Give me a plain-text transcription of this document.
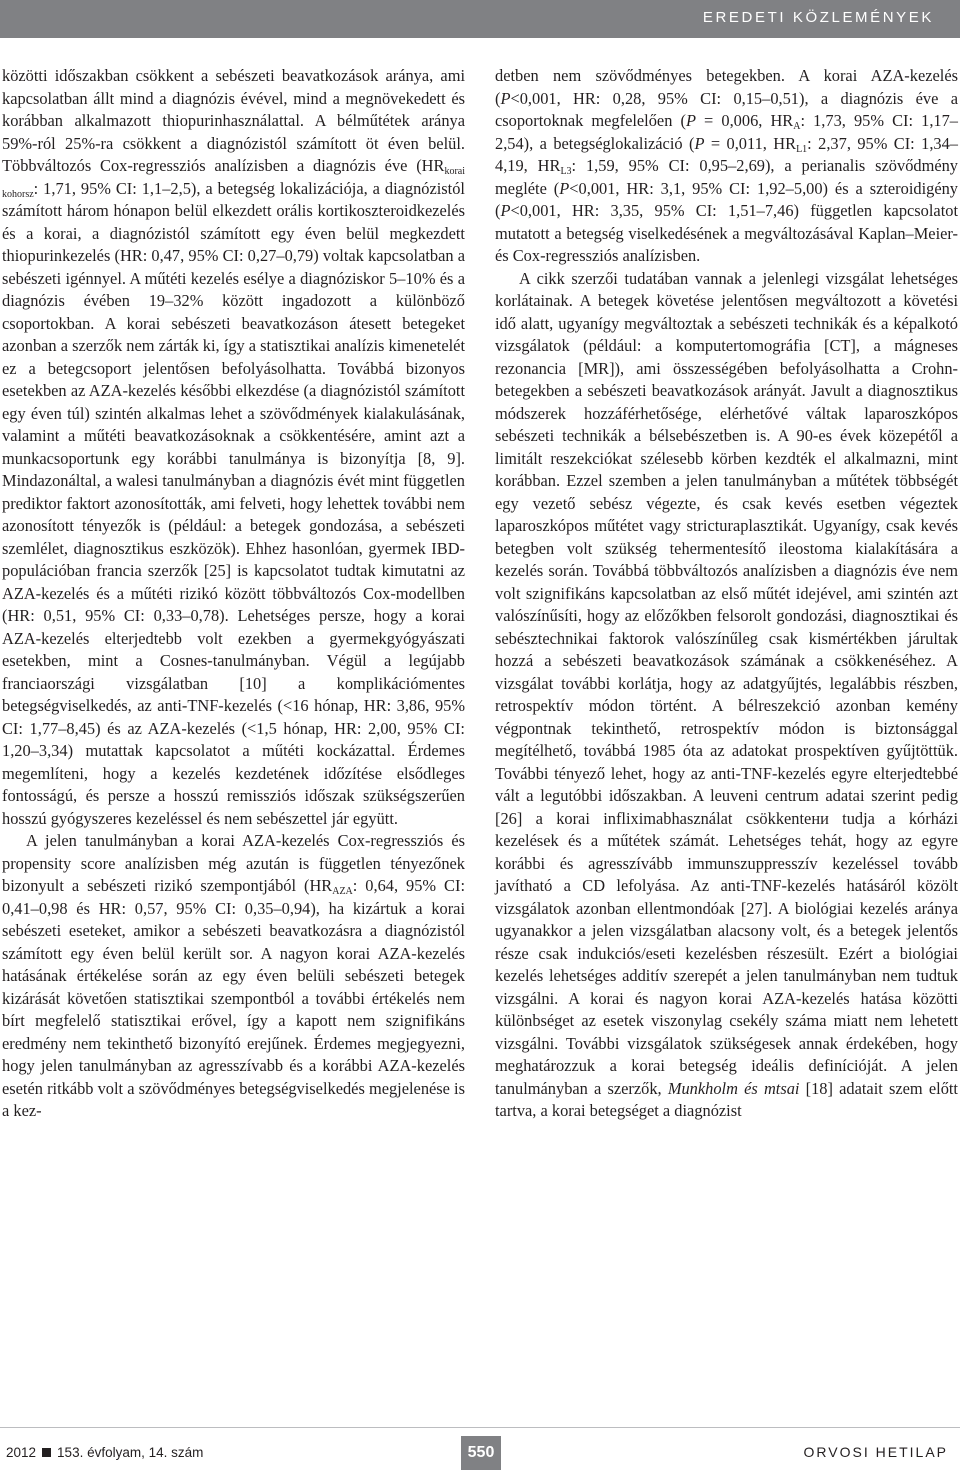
EREDETI KÖZLEMÉNYEK

közötti időszakban csökkent a sebészeti beavatkozások aránya, ami kapcsolatban állt mind a diagnózis évével, mind a megnövekedett és korábban alkalmazott thiopurinhasználattal. A bélműtétek aránya 59%-ról 25%-ra csökkent a diagnózistól számított öt éven belül. Többváltozós Cox-regressziós analízisben a diagnózis éve ($HR_{korai kohorsz}$: 1,71, 95% CI: 1,1–2,5), a betegség lokalizációja, a diagnózistól számított három hónapon belül elkezdett orális kortikoszteroidkezelés és a korai, a diagnózistól számított egy éven belül megkezdett thiopurinkezelés (HR: 0,47, 95% CI: 0,27–0,79) voltak kapcsolatban a sebészeti igénnyel. A műtéti kezelés esélye a diagnóziskor 5–10% és a diagnózis évében 19–32% között ingadozott a különböző csoportokban. A korai sebészeti beavatkozáson átesett betegeket azonban a szerzők nem zárták ki, így a statisztikai analízis kimenetelét ez a betegcsoport jelentősen befolyásolhatta. Továbbá bizonyos esetekben az AZA-kezelés későbbi elkezdése (a diagnózistól számított egy éven túl) szintén alkalmas lehet a szövődmények kialakulásának, valamint a műtéti beavatkozásoknak a csökkentésére, amint azt a munkacsoportunk egy korábbi tanulmánya is bizonyítja [8, 9]. Mindazonáltal, a walesi tanulmányban a diagnózis évét mint független prediktor faktort azonosították, ami felveti, hogy lehettek további nem azonosított tényezők is (például: a betegek gondozása, a sebészeti szemlélet, diagnosztikus eszközök). Ehhez hasonlóan, gyermek IBD-populációban francia szerzők [25] is kapcsolatot tudtak kimutatni az AZA-kezelés és a műtéti rizikó között többváltozós Cox-modellben (HR: 0,51, 95% CI: 0,33–0,78). Lehetséges persze, hogy a korai AZA-kezelés elterjedtebb volt ezekben a gyermekgyógyászati esetekben, mint a Cosnes-tanulmányban. Végül a legújabb franciaországi vizsgálatban [10] a komplikációmentes betegségviselkedés, az anti-TNF-kezelés (<16 hónap, HR: 3,86, 95% CI: 1,77–8,45) és az AZA-kezelés (<1,5 hónap, HR: 2,00, 95% CI: 1,20–3,34) mutattak kapcsolatot a műtéti kockázattal. Érdemes megemlíteni, hogy a kezelés kezdetének időzítése elsődleges fontosságú, és persze a hosszú remissziós időszak szükségszerűen hosszú gyógyszeres kezeléssel és nem sebészettel jár együtt.

A jelen tanulmányban a korai AZA-kezelés Cox-regressziós és propensity score analízisben még azután is független tényezőnek bizonyult a sebészeti rizikó szempontjából ($HR_{AZA}$: 0,64, 95% CI: 0,41–0,98 és HR: 0,57, 95% CI: 0,35–0,94), ha kizártuk a korai sebészeti eseteket, amikor a sebészeti beavatkozásra a diagnózistól számított egy éven belül került sor. A nagyon korai AZA-kezelés hatásának értékelése során az egy éven belüli sebészeti betegek kizárását követően statisztikai szempontból a további értékelés nem bírt megfelelő statisztikai erővel, így a kapott nem szignifikáns eredmény nem tekinthető bizonyító erejűnek. Érdemes megjegyezni, hogy jelen tanulmányban az agresszívabb és a korábbi AZA-kezelés esetén ritkább volt a szövődményes betegségviselkedés megjelenése is a kez-

detben nem szövődményes betegekben. A korai AZA-kezelés (P<0,001, HR: 0,28, 95% CI: 0,15–0,51), a diagnózis éve a csoportoknak megfelelően (P = 0,006, $HR_A$: 1,73, 95% CI: 1,17–2,54), a betegséglokalizáció (P = 0,011, $HR_{L1}$: 2,37, 95% CI: 1,34–4,19, $HR_{L3}$: 1,59, 95% CI: 0,95–2,69), a perianalis szövődmény megléte (P<0,001, HR: 3,1, 95% CI: 1,92–5,00) és a szteroidigény (P<0,001, HR: 3,35, 95% CI: 1,51–7,46) független kapcsolatot mutatott a betegség viselkedésének a megváltozásával Kaplan–Meier- és Cox-regressziós analízisben.

A cikk szerzői tudatában vannak a jelenlegi vizsgálat lehetséges korlátainak. A betegek követése jelentősen megváltozott a követési idő alatt, ugyanígy megváltoztak a sebészeti technikák és a képalkotó vizsgálatok (például: a komputertomográfia [CT], a mágneses rezonancia [MR]), ami összességében befolyásolhatta a Crohn-betegekben a sebészeti beavatkozások arányát. Javult a diagnosztikus módszerek hozzáférhetősége, elérhetővé váltak laparoszkópos sebészeti technikák a bélsebészetben is. A 90-es évek közepétől a limitált reszekciókat szélesebb körben kezdték el alkalmazni, mint korábban. Ezzel szemben a jelen tanulmányban a műtétek többségét egy vezető sebész végezte, és csak kevés esetben végeztek laparoszkópos műtétet vagy stricturaplasztikát. Ugyanígy, csak kevés betegben volt szükség tehermentesítő ileostoma kialakítására a kezelés során. Továbbá többváltozós analízisben a diagnózis éve nem volt szignifikáns kapcsolatban az első műtét idejével, ami szintén azt valószínűsíti, hogy az előzőkben felsorolt gondozási, diagnosztikai és sebésztechnikai faktorok valószínűleg csak kismértékben járultak hozzá a sebészeti beavatkozások számának a csökkenéséhez. A vizsgálat további korlátja, hogy az adatgyűjtés, legalábbis részben, retrospektív módon történt. A bélreszekció azonban kemény végpontnak tekinthető, retrospektív módon is biztonsággal megítélhető, továbbá 1985 óta az adatokat prospektíven gyűjtöttük. További tényező lehet, hogy az anti-TNF-kezelés egyre elterjedtebbé vált a legutóbbi időszakban. A leuveni centrum adatai szerint pedig [26] a korai infliximabhasználat csökkentени tudja a kórházi kezelések és a műtétek számát. Lehetséges tehát, hogy az egyre korábbi és agresszívább immunszuppresszív kezeléssel tovább javítható a CD lefolyása. Az anti-TNF-kezelés hatásáról közölt vizsgálatok azonban ellentmondóak [27]. A biológiai kezelés aránya ugyanakkor a jelen vizsgálatban alacsony volt, és a betegek jelentős része csak indukciós/eseti kezelésben részesült. Ezért a biológiai kezelés lehetséges additív szerepét a jelen tanulmányban nem tudtuk vizsgálni. A korai és nagyon korai AZA-kezelés hatása közötti különbséget az esetek viszonylag csekély száma miatt nem lehetett vizsgálni. További vizsgálatok szükségesek annak érdekében, hogy meghatározzuk a korai betegség ideális definícióját. A jelen tanulmányban a szerzők, Munkholm és mtsai [18] adatait szem előtt tartva, a korai betegséget a diagnózist

2012 153. évfolyam, 14. szám	550	ORVOSI HETILAP
